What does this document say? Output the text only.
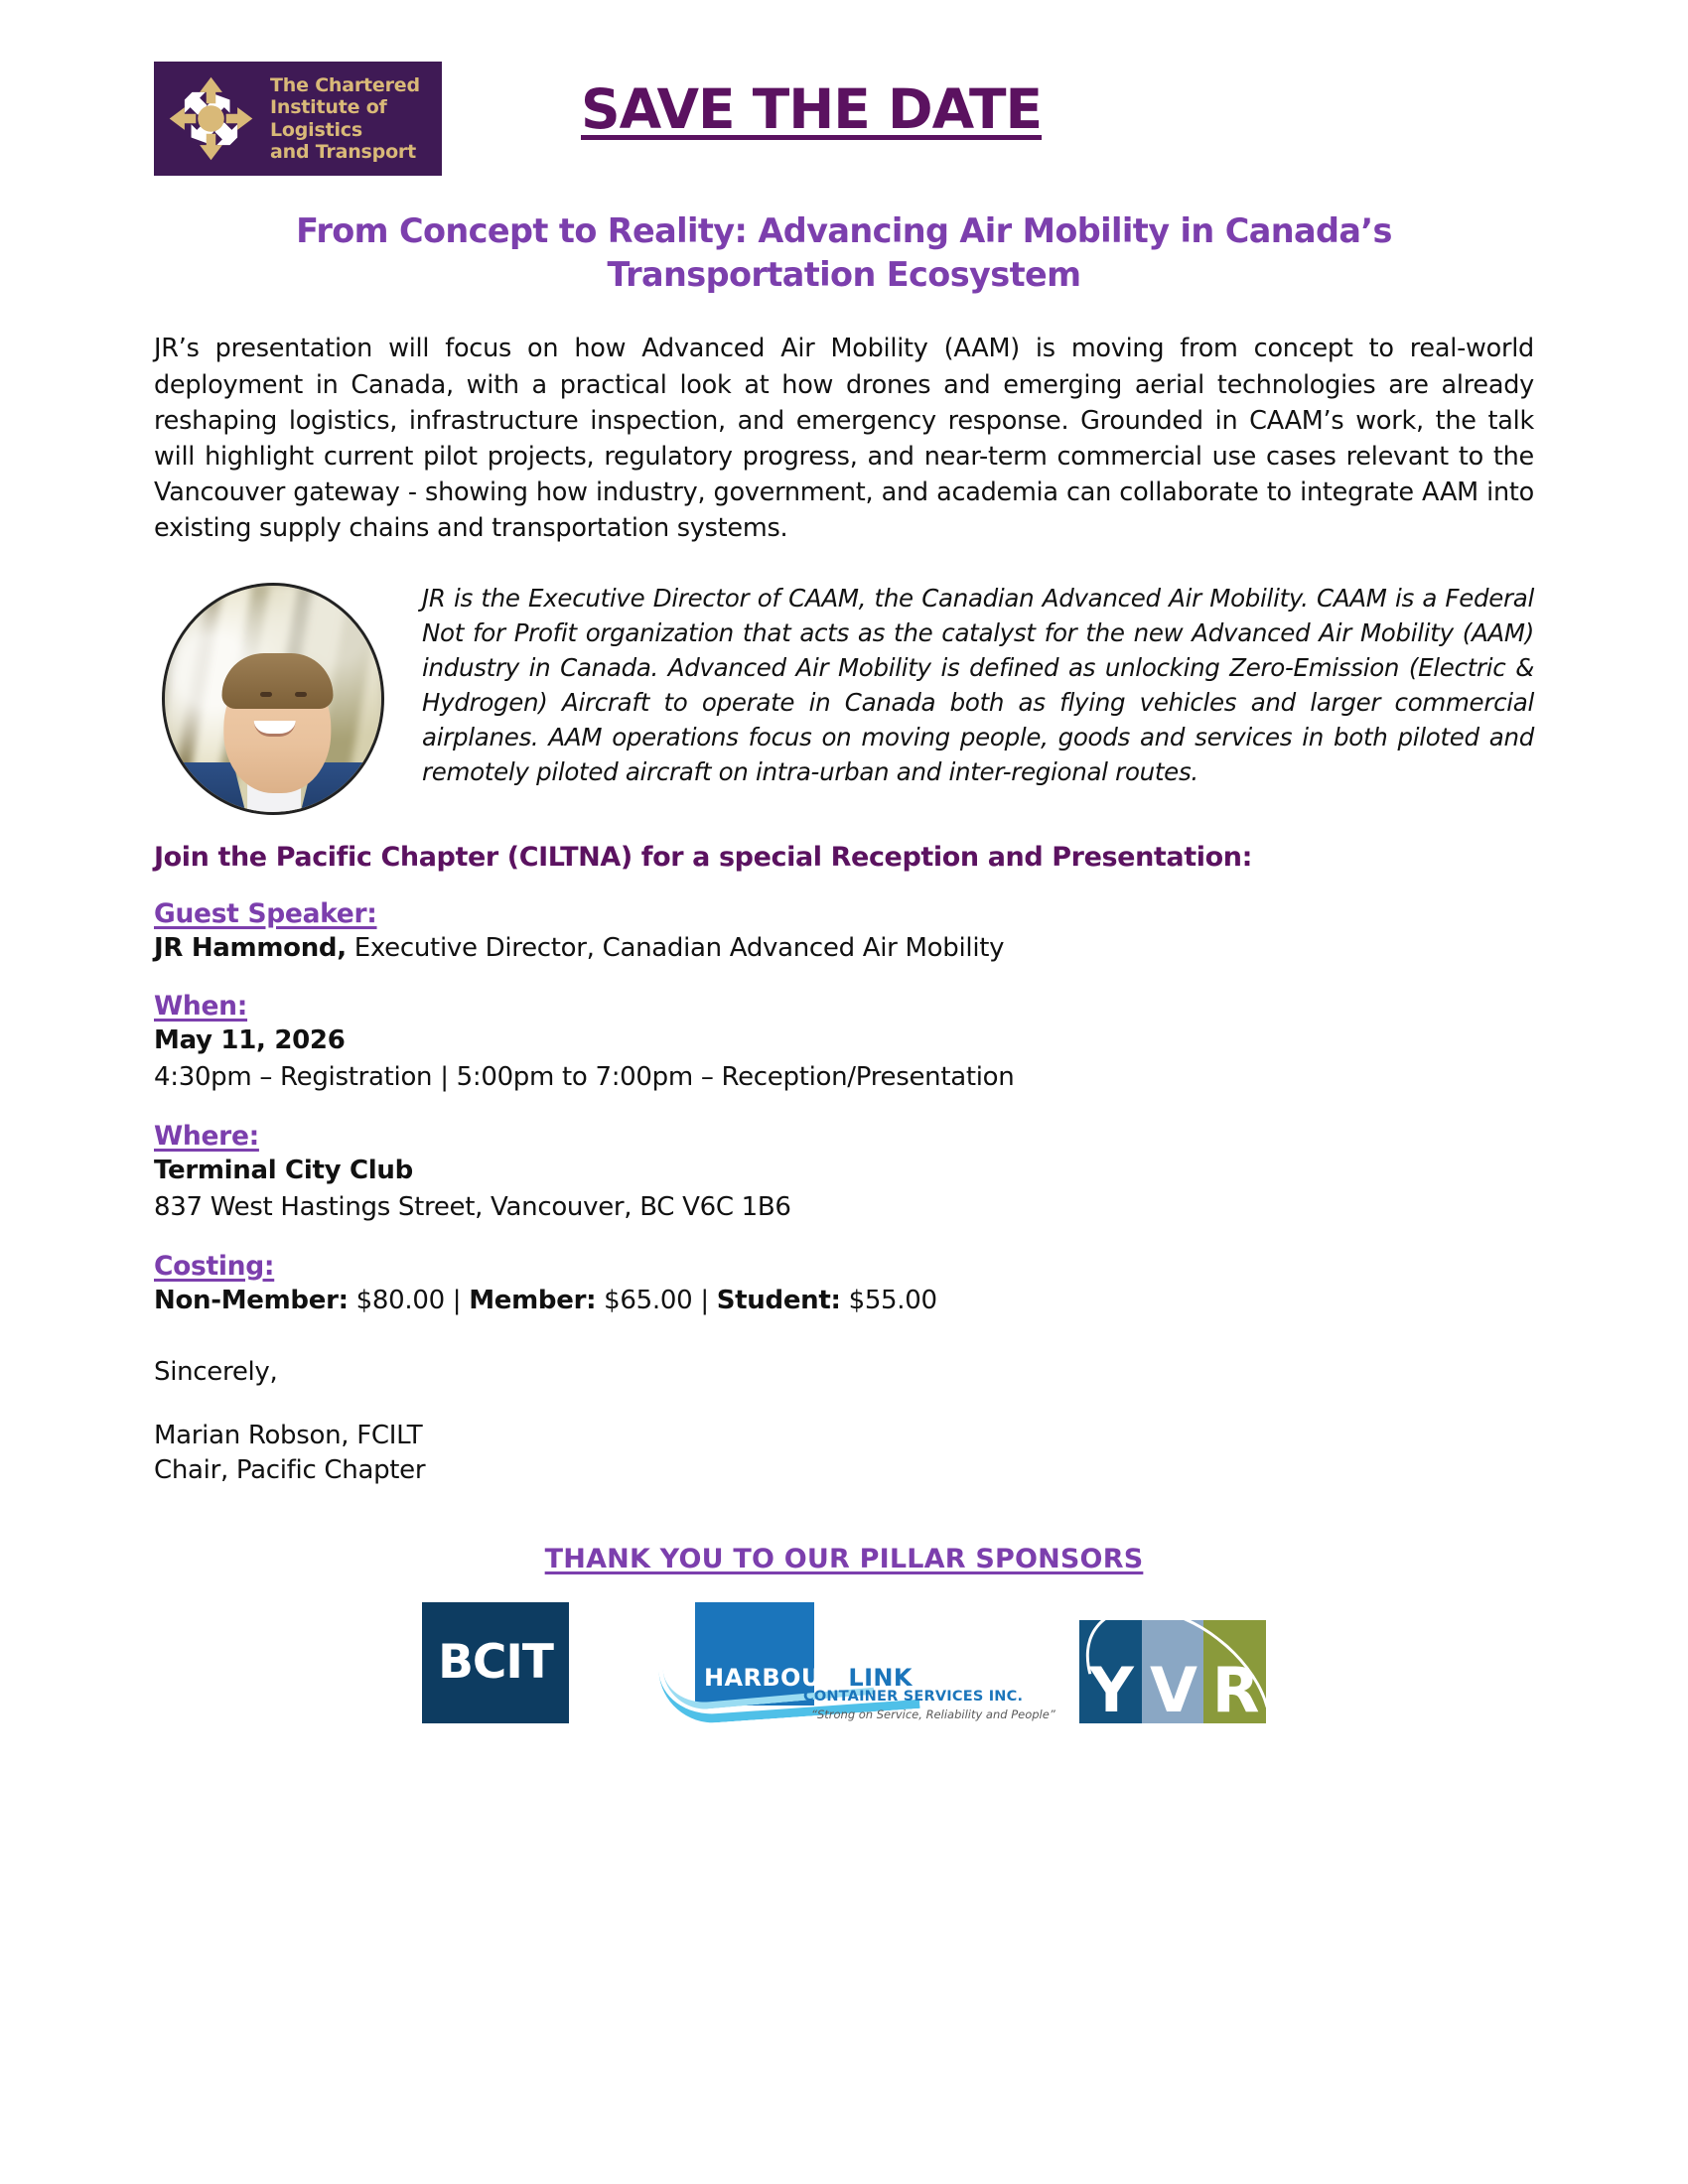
The Chartered
Institute of Logistics
and Transport
SAVE THE DATE
From Concept to Reality: Advancing Air Mobility in Canada’s Transportation Ecosystem
JR’s presentation will focus on how Advanced Air Mobility (AAM) is moving from concept to real-world deployment in Canada, with a practical look at how drones and emerging aerial technologies are already reshaping logistics, infrastructure inspection, and emergency response. Grounded in CAAM’s work, the talk will highlight current pilot projects, regulatory progress, and near-term commercial use cases relevant to the Vancouver gateway - showing how industry, government, and academia can collaborate to integrate AAM into existing supply chains and transportation systems.
JR is the Executive Director of CAAM, the Canadian Advanced Air Mobility. CAAM is a Federal Not for Profit organization that acts as the catalyst for the new Advanced Air Mobility (AAM) industry in Canada. Advanced Air Mobility is defined as unlocking Zero-Emission (Electric & Hydrogen) Aircraft to operate in Canada both as flying vehicles and larger commercial airplanes. AAM operations focus on moving people, goods and services in both piloted and remotely piloted aircraft on intra-urban and inter-regional routes.
Join the Pacific Chapter (CILTNA) for a special Reception and Presentation:
Guest Speaker:
JR Hammond, Executive Director, Canadian Advanced Air Mobility
When:
May 11, 2026
4:30pm – Registration | 5:00pm to 7:00pm – Reception/Presentation
Where:
Terminal City Club
837 West Hastings Street, Vancouver, BC V6C 1B6
Costing:
Non-Member: $80.00 | Member: $65.00 | Student: $55.00
Sincerely,
Marian Robson, FCILT
Chair, Pacific Chapter
THANK YOU TO OUR PILLAR SPONSORS
BCIT	HARBOUR LINK
CONTAINER SERVICES INC.
“Strong on Service, Reliability and People” Y V R
